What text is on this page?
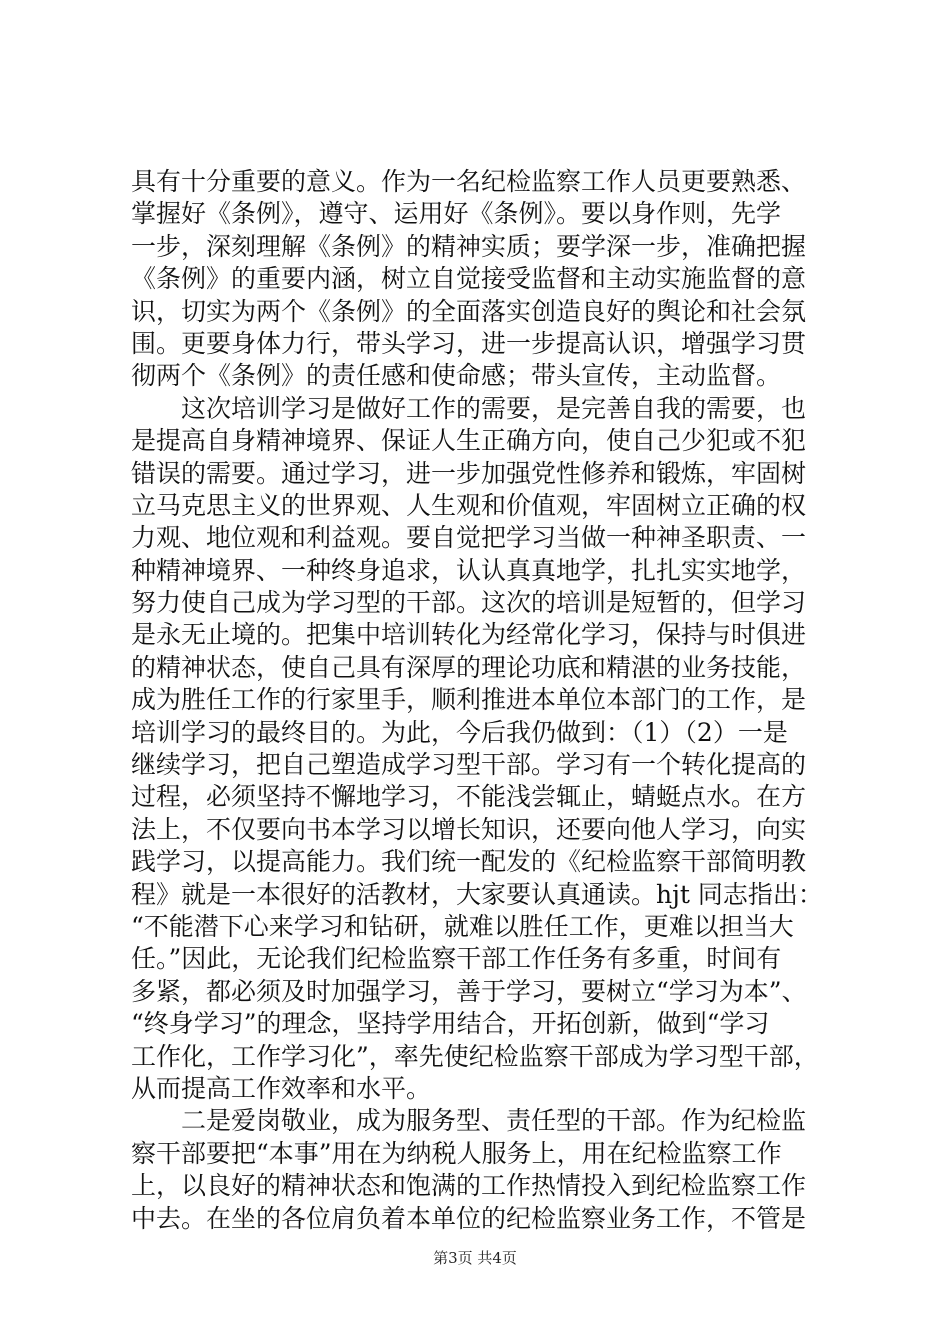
具有十分重要的意义。作为一名纪检监察工作人员更要熟悉、
掌握好《条例》，遵守、运用好《条例》。要以身作则，先学
一步，深刻理解《条例》的精神实质；要学深一步，准确把握
《条例》的重要内涵，树立自觉接受监督和主动实施监督的意
识，切实为两个《条例》的全面落实创造良好的舆论和社会氛
围。更要身体力行，带头学习，进一步提高认识，增强学习贯
彻两个《条例》的责任感和使命感；带头宣传，主动监督。
　　这次培训学习是做好工作的需要，是完善自我的需要，也
是提高自身精神境界、保证人生正确方向，使自己少犯或不犯
错误的需要。通过学习，进一步加强党性修养和锻炼，牢固树
立马克思主义的世界观、人生观和价值观，牢固树立正确的权
力观、地位观和利益观。要自觉把学习当做一种神圣职责、一
种精神境界、一种终身追求，认认真真地学，扎扎实实地学，
努力使自己成为学习型的干部。这次的培训是短暂的，但学习
是永无止境的。把集中培训转化为经常化学习，保持与时俱进
的精神状态，使自己具有深厚的理论功底和精湛的业务技能，
成为胜任工作的行家里手，顺利推进本单位本部门的工作，是
培训学习的最终目的。为此，今后我仍做到：（1）（2）一是
继续学习，把自己塑造成学习型干部。学习有一个转化提高的
过程，必须坚持不懈地学习，不能浅尝辄止，蜻蜓点水。在方
法上，不仅要向书本学习以增长知识，还要向他人学习，向实
践学习，以提高能力。我们统一配发的《纪检监察干部简明教
程》就是一本很好的活教材，大家要认真通读。hjt 同志指出：
“不能潜下心来学习和钻研，就难以胜任工作，更难以担当大
任。”因此，无论我们纪检监察干部工作任务有多重，时间有
多紧，都必须及时加强学习，善于学习，要树立“学习为本”、
“终身学习”的理念，坚持学用结合，开拓创新，做到“学习
工作化，工作学习化”，率先使纪检监察干部成为学习型干部，
从而提高工作效率和水平。
　　二是爱岗敬业，成为服务型、责任型的干部。作为纪检监
察干部要把“本事”用在为纳税人服务上，用在纪检监察工作
上，以良好的精神状态和饱满的工作热情投入到纪检监察工作
中去。在坐的各位肩负着本单位的纪检监察业务工作，不管是
第3页 共4页
